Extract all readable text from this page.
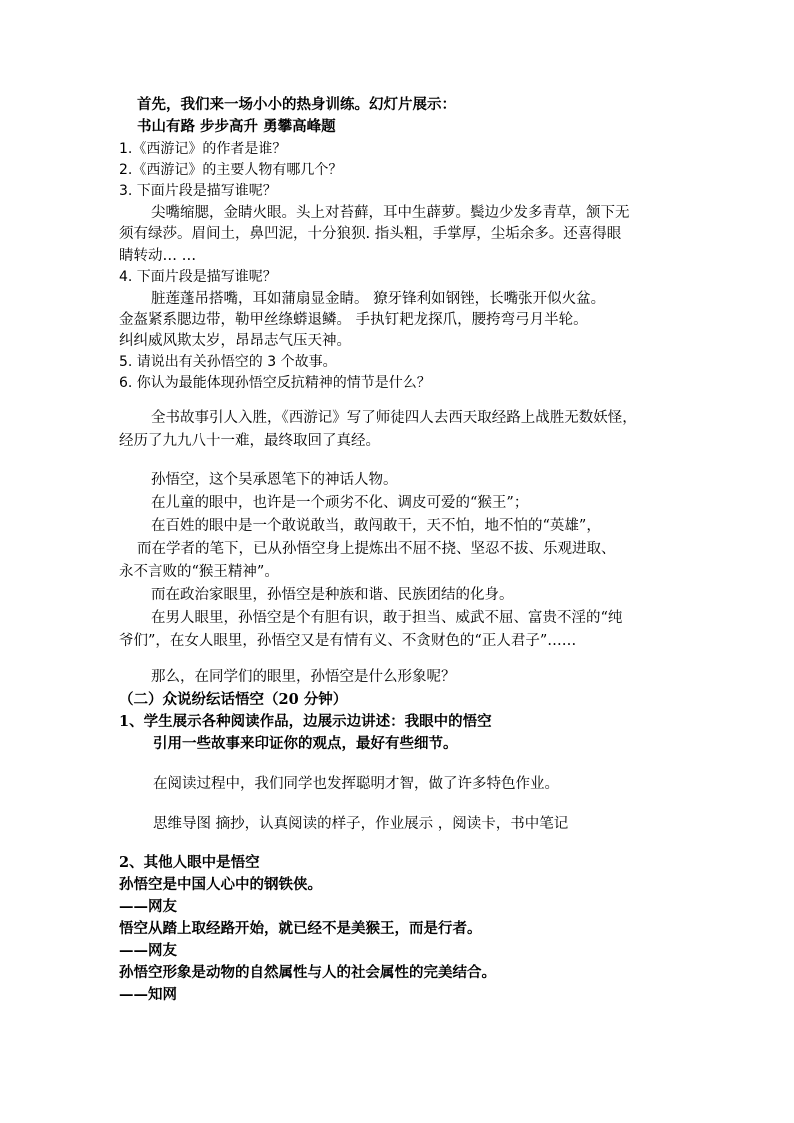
首先，我们来一场小小的热身训练。幻灯片展示：
书山有路 步步高升 勇攀高峰题
1.《西游记》的作者是谁？
2.《西游记》的主要人物有哪几个？
3. 下面片段是描写谁呢？
尖嘴缩腮，金睛火眼。头上对苔藓，耳中生薜萝。鬓边少发多青草，颔下无
须有绿莎。眉间土，鼻凹泥，十分狼狈. 指头粗，手掌厚，尘垢余多。还喜得眼
睛转动… …
4. 下面片段是描写谁呢？
脏莲蓬吊搭嘴，耳如蒲扇显金睛。 獠牙锋利如钢锉，长嘴张开似火盆。
金盔紧系腮边带，勒甲丝绦蟒退鳞。 手执钉耙龙探爪，腰挎弯弓月半轮。
纠纠威风欺太岁，昂昂志气压天神。
5. 请说出有关孙悟空的 3 个故事。
6. 你认为最能体现孙悟空反抗精神的情节是什么？
全书故事引人入胜，《西游记》写了师徒四人去西天取经路上战胜无数妖怪，
经历了九九八十一难，最终取回了真经。
孙悟空，这个吴承恩笔下的神话人物。
在儿童的眼中，也许是一个顽劣不化、调皮可爱的“猴王”；
在百姓的眼中是一个敢说敢当，敢闯敢干，天不怕，地不怕的“英雄”，
而在学者的笔下，已从孙悟空身上提炼出不屈不挠、坚忍不拔、乐观进取、
永不言败的“猴王精神”。
而在政治家眼里，孙悟空是种族和谐、民族团结的化身。
在男人眼里，孙悟空是个有胆有识，敢于担当、威武不屈、富贵不淫的“纯
爷们”，在女人眼里，孙悟空又是有情有义、不贪财色的“正人君子”……
那么，在同学们的眼里，孙悟空是什么形象呢？
（二）众说纷纭话悟空（20 分钟）
1、学生展示各种阅读作品，边展示边讲述：我眼中的悟空
引用一些故事来印证你的观点，最好有些细节。
在阅读过程中，我们同学也发挥聪明才智，做了许多特色作业。
思维导图 摘抄，认真阅读的样子，作业展示 ，阅读卡，书中笔记
2、其他人眼中是悟空
孙悟空是中国人心中的钢铁侠。
——网友
悟空从踏上取经路开始，就已经不是美猴王，而是行者。
——网友
孙悟空形象是动物的自然属性与人的社会属性的完美结合。
——知网
